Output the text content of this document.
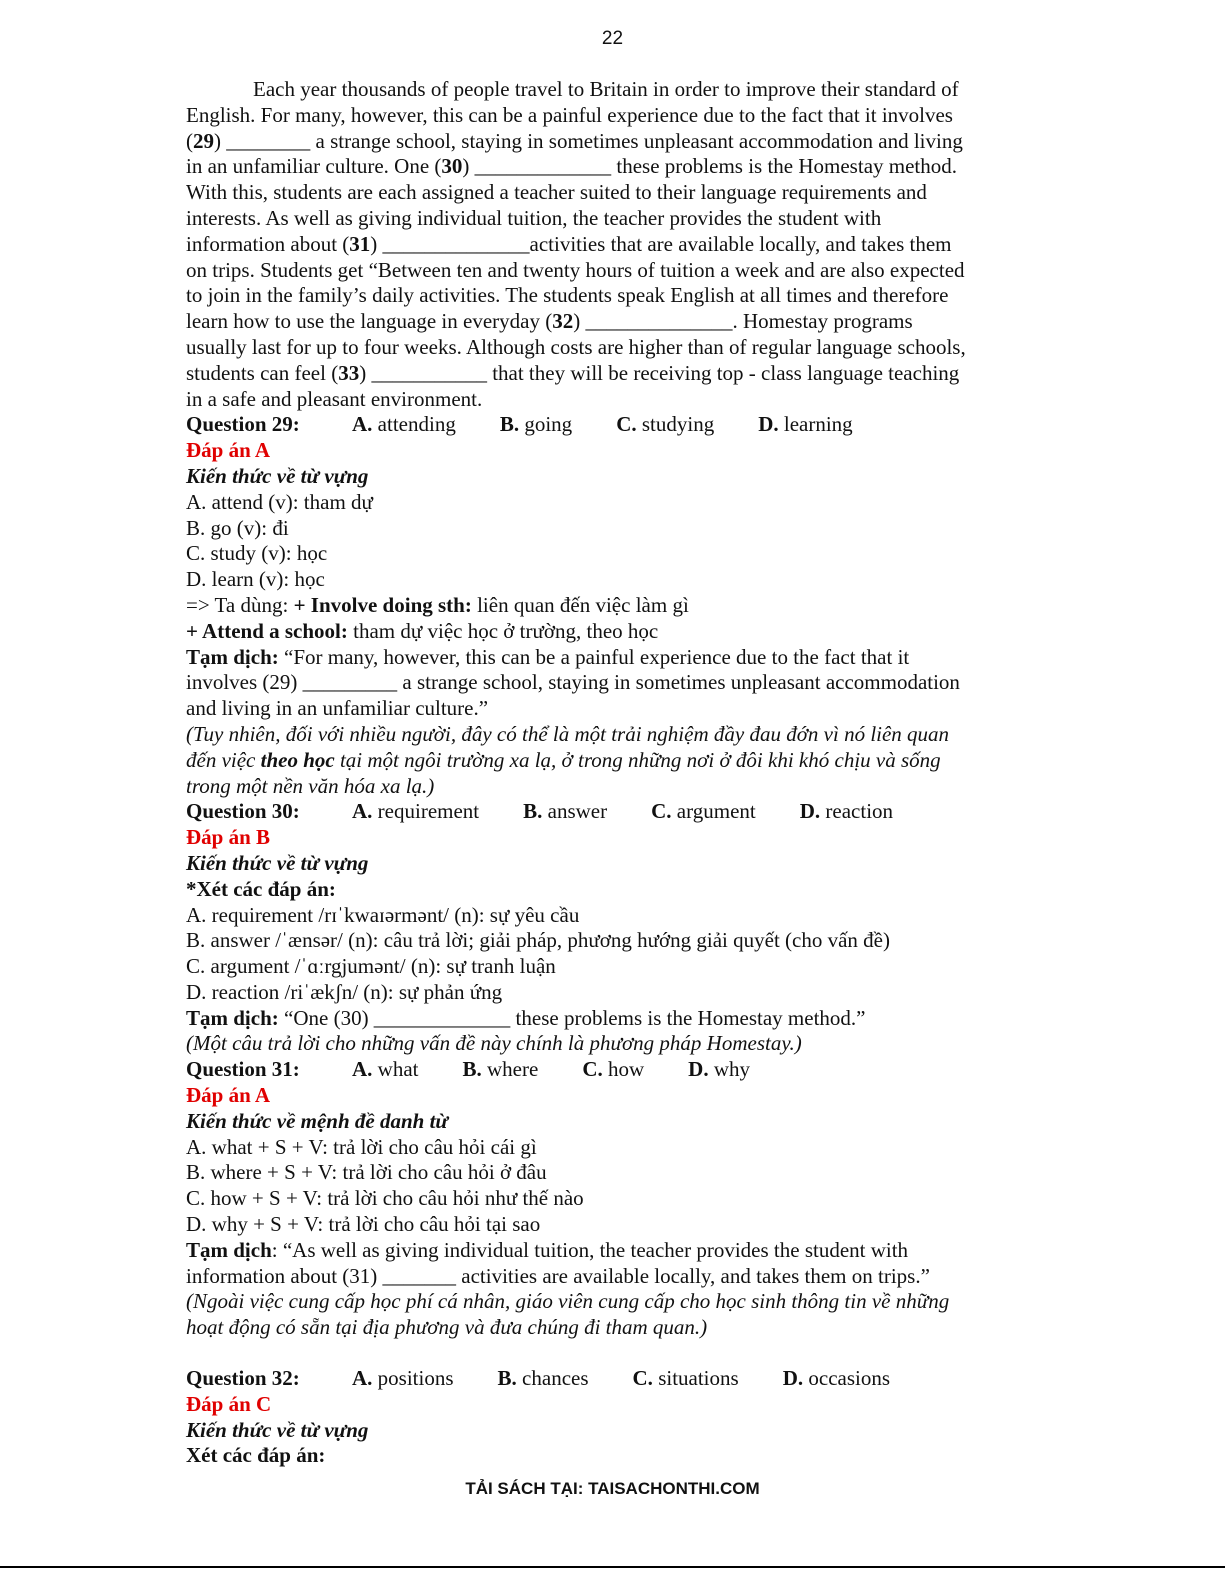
22
Each year thousands of people travel to Britain in order to improve their standard of
English. For many, however, this can be a painful experience due to the fact that it involves
(29) ________ a strange school, staying in sometimes unpleasant accommodation and living
in an unfamiliar culture. One (30) _____________ these problems is the Homestay method.
With this, students are each assigned a teacher suited to their language requirements and
interests. As well as giving individual tuition, the teacher provides the student with
information about (31) ______________activities that are available locally, and takes them
on trips. Students get “Between ten and twenty hours of tuition a week and are also expected
to join in the family’s daily activities. The students speak English at all times and therefore
learn how to use the language in everyday (32) ______________. Homestay programs
usually last for up to four weeks. Although costs are higher than of regular language schools,
students can feel (33) ___________ that they will be receiving top - class language teaching
in a safe and pleasant environment.
Question 29:	A. attending B. going C. studying D. learning
Đáp án A
Kiến thức về từ vựng
A. attend (v): tham dự
B. go (v): đi
C. study (v): học
D. learn (v): học
=> Ta dùng: + Involve doing sth: liên quan đến việc làm gì
+ Attend a school: tham dự việc học ở trường, theo học
Tạm dịch: “For many, however, this can be a painful experience due to the fact that it
involves (29) _________ a strange school, staying in sometimes unpleasant accommodation
and living in an unfamiliar culture.”
(Tuy nhiên, đối với nhiều người, đây có thể là một trải nghiệm đầy đau đớn vì nó liên quan
đến việc theo học tại một ngôi trường xa lạ, ở trong những nơi ở đôi khi khó chịu và sống
trong một nền văn hóa xa lạ.)
Question 30:	A. requirement B. answer C. argument D. reaction
Đáp án B
Kiến thức về từ vựng
*Xét các đáp án:
A. requirement /rɪˈkwaɪərmənt/ (n): sự yêu cầu
B. answer /ˈænsər/ (n): câu trả lời; giải pháp, phương hướng giải quyết (cho vấn đề)
C. argument /ˈɑːrgjumənt/ (n): sự tranh luận
D. reaction /riˈækʃn/ (n): sự phản ứng
Tạm dịch: “One (30) _____________ these problems is the Homestay method.”
(Một câu trả lời cho những vấn đề này chính là phương pháp Homestay.)
Question 31:	A. what B. where C. how D. why
Đáp án A
Kiến thức về mệnh đề danh từ
A. what + S + V: trả lời cho câu hỏi cái gì
B. where + S + V: trả lời cho câu hỏi ở đâu
C. how + S + V: trả lời cho câu hỏi như thế nào
D. why + S + V: trả lời cho câu hỏi tại sao
Tạm dịch: “As well as giving individual tuition, the teacher provides the student with
information about (31) _______ activities are available locally, and takes them on trips.”
(Ngoài việc cung cấp học phí cá nhân, giáo viên cung cấp cho học sinh thông tin về những
hoạt động có sẵn tại địa phương và đưa chúng đi tham quan.)
Question 32:	A. positions B. chances C. situations D. occasions
Đáp án C
Kiến thức về từ vựng
Xét các đáp án:
TẢI SÁCH TẠI: TAISACHONTHI.COM
